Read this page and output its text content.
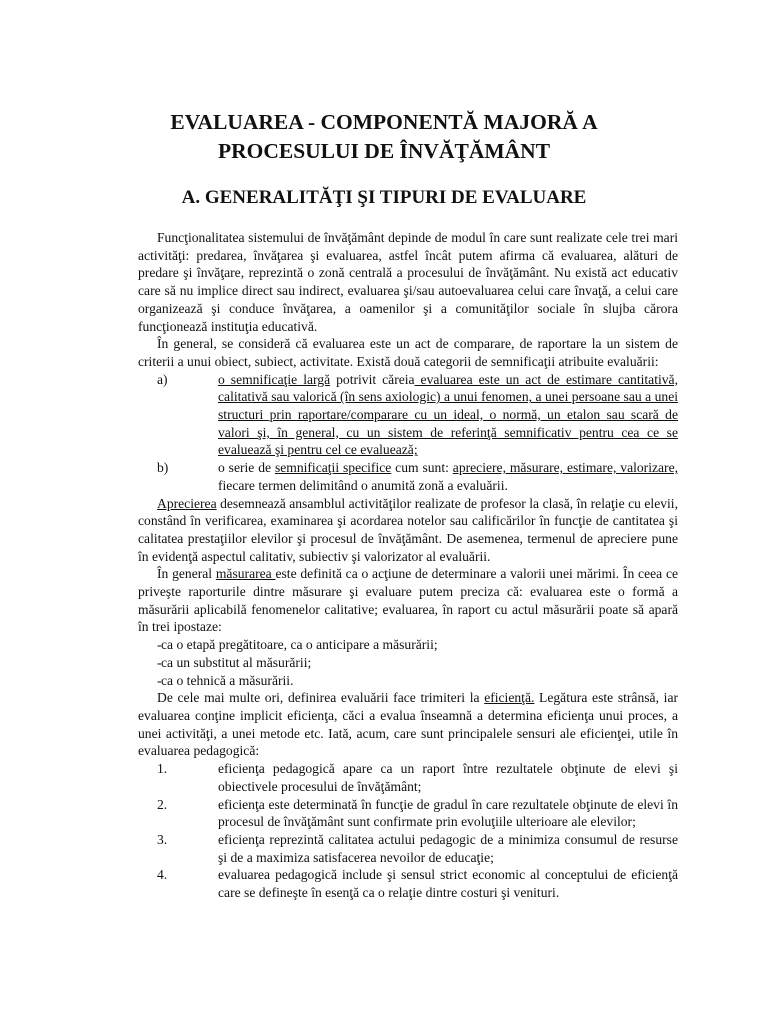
EVALUAREA - COMPONENTĂ MAJORĂ A
PROCESULUI DE ÎNVĂŢĂMÂNT
A. GENERALITĂŢI ŞI TIPURI DE EVALUARE

Funcţionalitatea sistemului de învăţământ depinde de modul în care sunt realizate cele trei mari activităţi: predarea, învăţarea şi evaluarea, astfel încât putem afirma că evaluarea, alături de predare şi învăţare, reprezintă o zonă centrală a procesului de învăţământ. Nu există act educativ care să nu implice direct sau indirect, evaluarea şi/sau autoevaluarea celui care învaţă, a celui care organizează şi conduce învăţarea, a oamenilor şi a comunităţilor sociale în slujba cărora funcţionează instituţia educativă.

În general, se consideră că evaluarea este un act de comparare, de raportare la un sistem de criterii a unui obiect, subiect, activitate. Există două categorii de semnificaţii atribuite evaluării:

a)	o semnificaţie largă potrivit căreia evaluarea este un act de estimare cantitativă, calitativă sau valorică (în sens axiologic) a unui fenomen, a unei persoane sau a unei structuri prin raportare/comparare cu un ideal, o normă, un etalon sau scară de valori şi, în general, cu un sistem de referinţă semnificativ pentru cea ce se evaluează şi pentru cel ce evaluează;
b)	o serie de semnificaţii specifice cum sunt: apreciere, măsurare, estimare, valorizare, fiecare termen delimitând o anumită zonă a evaluării.

Aprecierea desemnează ansamblul activităţilor realizate de profesor la clasă, în relaţie cu elevii, constând în verificarea, examinarea şi acordarea notelor sau calificărilor în funcţie de cantitatea şi calitatea prestaţiilor elevilor şi procesul de învăţământ. De asemenea, termenul de apreciere pune în evidenţă aspectul calitativ, subiectiv şi valorizator al evaluării.

În general măsurarea este definită ca o acţiune de determinare a valorii unei mărimi. În ceea ce priveşte raporturile dintre măsurare şi evaluare putem preciza că: evaluarea este o formă a măsurării aplicabilă fenomenelor calitative; evaluarea, în raport cu actul măsurării poate să apară în trei ipostaze:

- ca o etapă pregătitoare, ca o anticipare a măsurării;
- ca un substitut al măsurării;
- ca o tehnică a măsurării.

De cele mai multe ori, definirea evaluării face trimiteri la eficienţă. Legătura este strânsă, iar evaluarea conţine implicit eficienţa, căci a evalua înseamnă a determina eficienţa unui proces, a unei activităţi, a unei metode etc. Iată, acum, care sunt principalele sensuri ale eficienţei, utile în evaluarea pedagogică:

1.	eficienţa pedagogică apare ca un raport între rezultatele obţinute de elevi şi obiectivele procesului de învăţământ;
2.	eficienţa este determinată în funcţie de gradul în care rezultatele obţinute de elevi în procesul de învăţământ sunt confirmate prin evoluţiile ulterioare ale elevilor;
3.	eficienţa reprezintă calitatea actului pedagogic de a minimiza consumul de resurse şi de a maximiza satisfacerea nevoilor de educaţie;
4.	evaluarea pedagogică include şi sensul strict economic al conceptului de eficienţă care se defineşte în esenţă ca o relaţie dintre costuri şi venituri.
